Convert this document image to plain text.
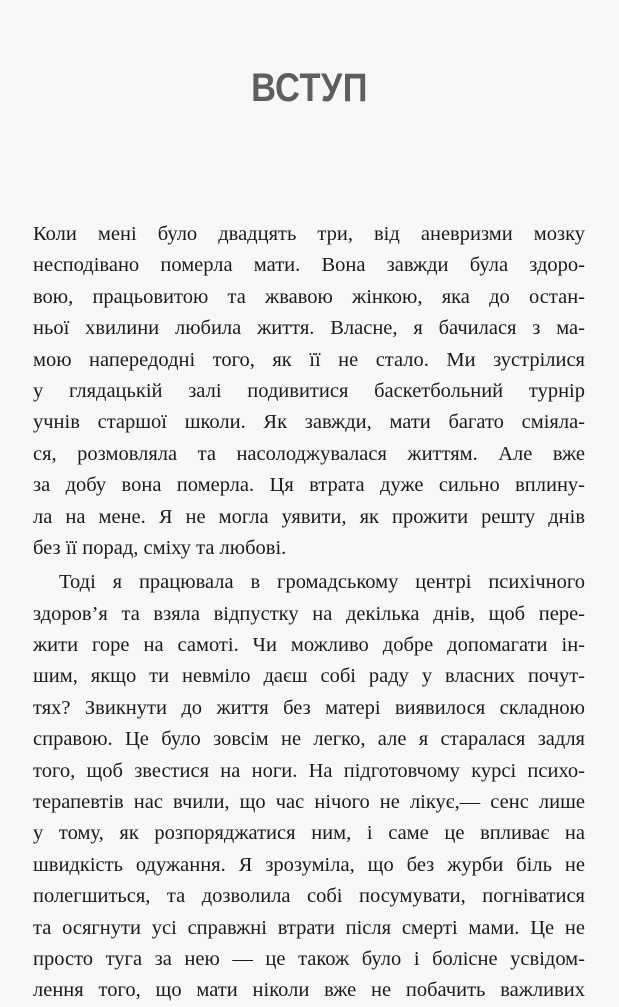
ВСТУП
Коли мені було двадцять три, від аневризми мозку
несподівано померла мати. Вона завжди була здоро-
вою, працьовитою та жвавою жінкою, яка до остан-
ньої хвилини любила життя. Власне, я бачилася з ма-
мою напередодні того, як її не стало. Ми зустрілися
у глядацькій залі подивитися баскетбольний турнір
учнів старшої школи. Як завжди, мати багато сміяла-
ся, розмовляла та насолоджувалася життям. Але вже
за добу вона померла. Ця втрата дуже сильно вплину-
ла на мене. Я не могла уявити, як прожити решту днів
без її порад, сміху та любові.
Тоді я працювала в громадському центрі психічного
здоров’я та взяла відпустку на декілька днів, щоб пере-
жити горе на самоті. Чи можливо добре допомагати ін-
шим, якщо ти невміло даєш собі раду у власних почут-
тях? Звикнути до життя без матері виявилося складною
справою. Це було зовсім не легко, але я старалася задля
того, щоб звестися на ноги. На підготовчому курсі психо-
терапевтів нас вчили, що час нічого не лікує,— сенс лише
у тому, як розпоряджатися ним, і саме це впливає на
швидкість одужання. Я зрозуміла, що без журби біль не
полегшиться, та дозволила собі посумувати, погніватися
та осягнути усі справжні втрати після смерті мами. Це не
просто туга за нею — це також було і болісне усвідом-
лення того, що мати ніколи вже не побачить важливих
